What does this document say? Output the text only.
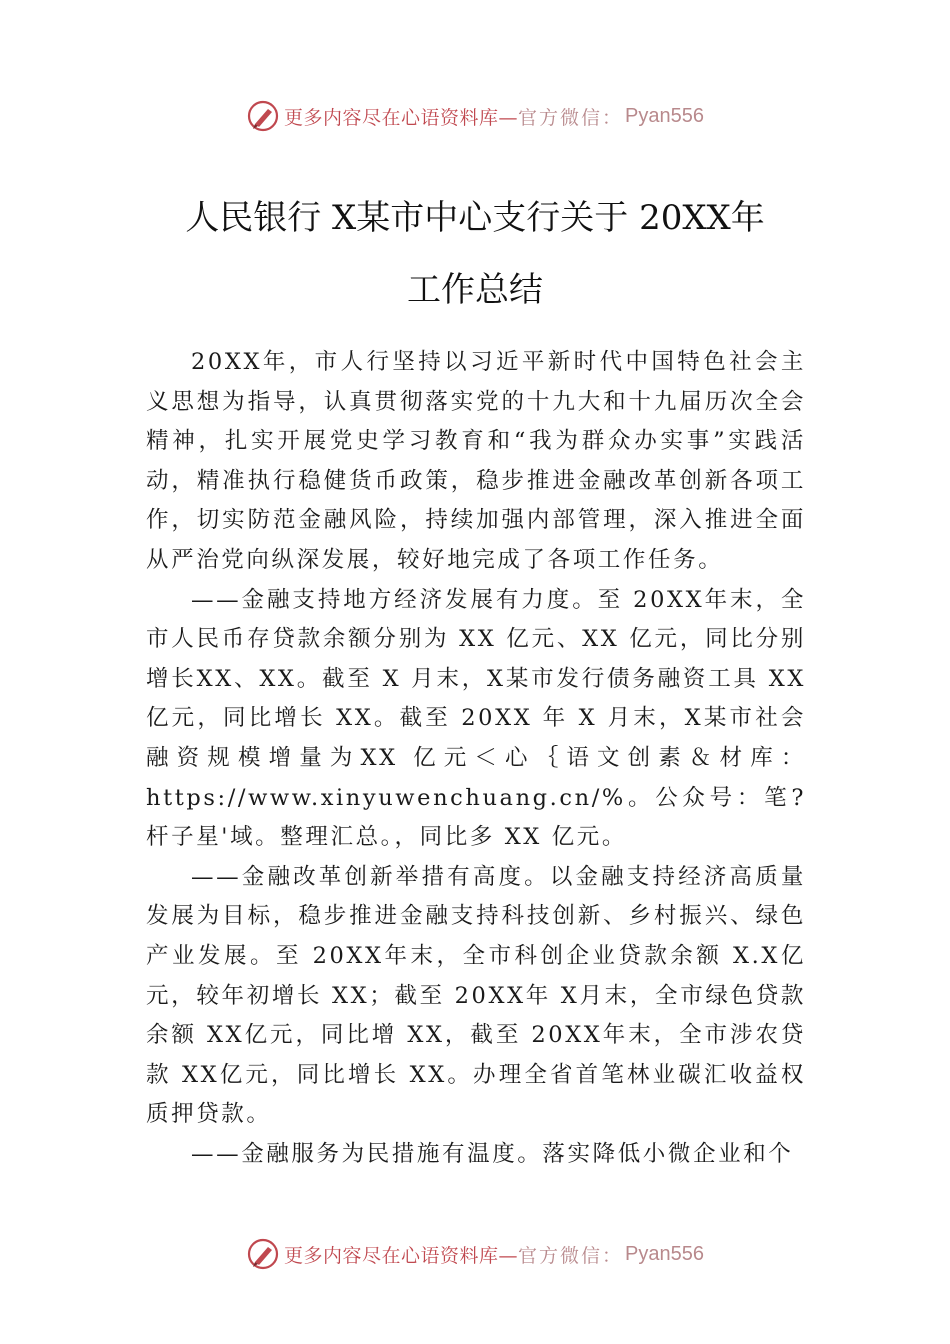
更多内容尽在心语资料库— 官方微信： Pyan556
人民银行 X某市中心支行关于 20XX年
工作总结

20XX年，市人行坚持以习近平新时代中国特色社会主义思想为指导，认真贯彻落实党的十九大和十九届历次全会精神，扎实开展党史学习教育和“我为群众办实事”实践活动，精准执行稳健货币政策，稳步推进金融改革创新各项工作，切实防范金融风险，持续加强内部管理，深入推进全面从严治党向纵深发展，较好地完成了各项工作任务。

——金融支持地方经济发展有力度。至 20XX年末，全市人民币存贷款余额分别为 XX 亿元、XX 亿元，同比分别增长XX、XX。截至 X 月末，X某市发行债务融资工具 XX亿元，同比增长 XX。截至 20XX 年 X 月末，X某市社会融资规模增量为XX 亿元＜心｛语文创素＆材库：https://www.xinyuwenchuang.cn/%。公众号：笔?杆子星'域。整理汇总。，同比多 XX 亿元。

——金融改革创新举措有高度。以金融支持经济高质量发展为目标，稳步推进金融支持科技创新、乡村振兴、绿色产业发展。至 20XX年末，全市科创企业贷款余额 X.X亿元，较年初增长 XX；截至 20XX年 X月末，全市绿色贷款余额 XX亿元，同比增 XX，截至 20XX年末，全市涉农贷款 XX亿元，同比增长 XX。办理全省首笔林业碳汇收益权质押贷款。

——金融服务为民措施有温度。落实降低小微企业和个

更多内容尽在心语资料库— 官方微信： Pyan556
